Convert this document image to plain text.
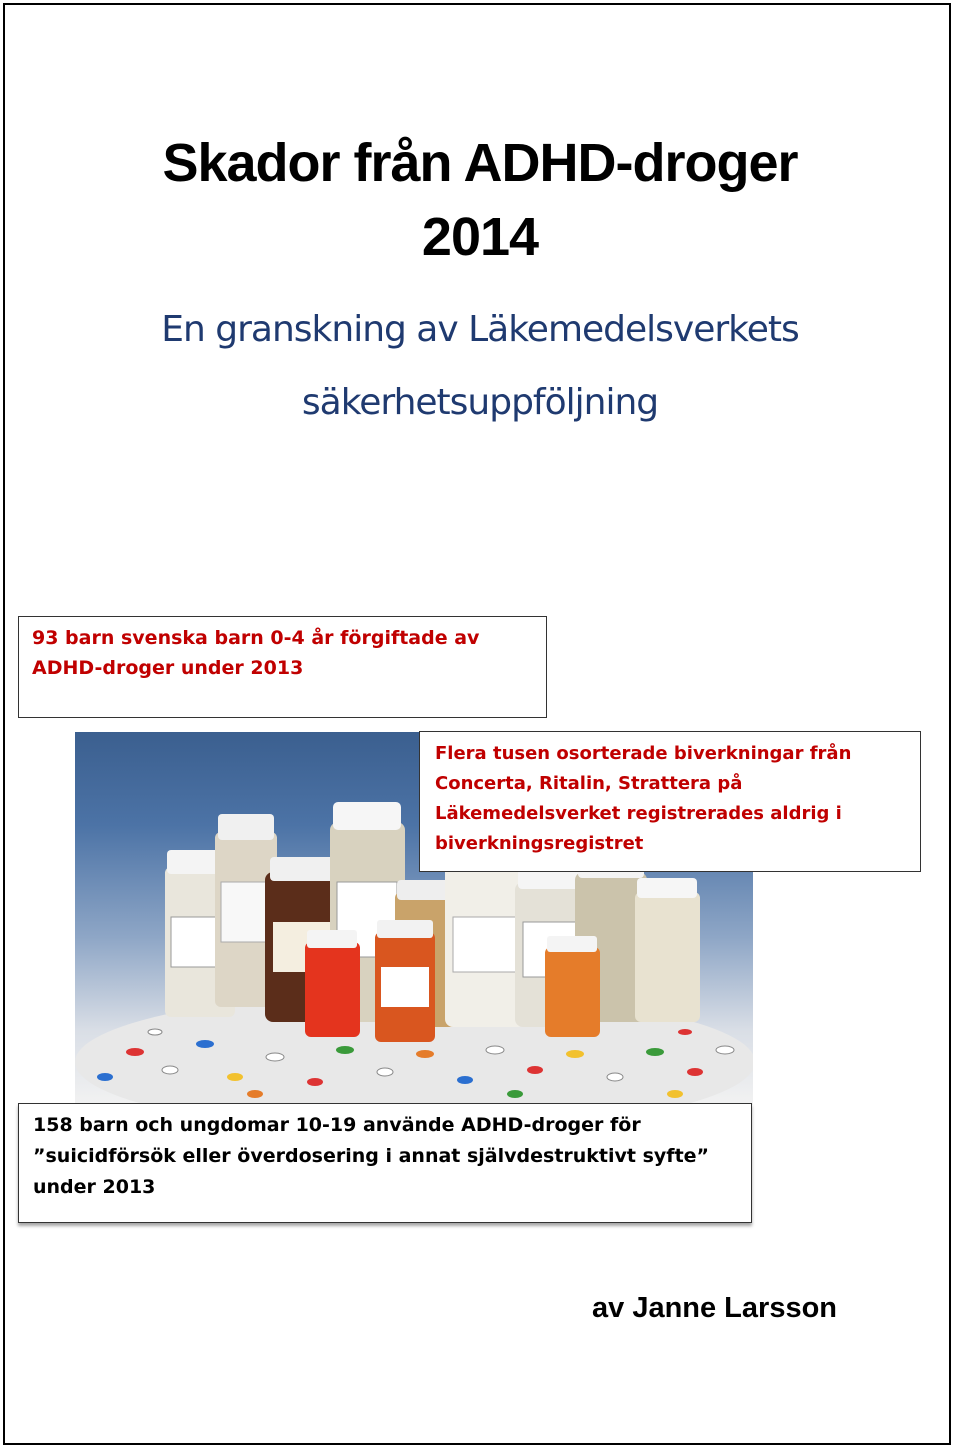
Skador från ADHD-droger
2014
En granskning av Läkemedelsverkets
säkerhetsuppföljning
93 barn svenska barn 0-4 år förgiftade av
ADHD-droger under 2013
Flera tusen osorterade biverkningar från
Concerta, Ritalin, Strattera på
Läkemedelsverket registrerades aldrig i
biverkningsregistret
158 barn och ungdomar 10-19 använde ADHD-droger för
”suicidförsök eller överdosering i annat självdestruktivt syfte”
under 2013
av Janne Larsson
